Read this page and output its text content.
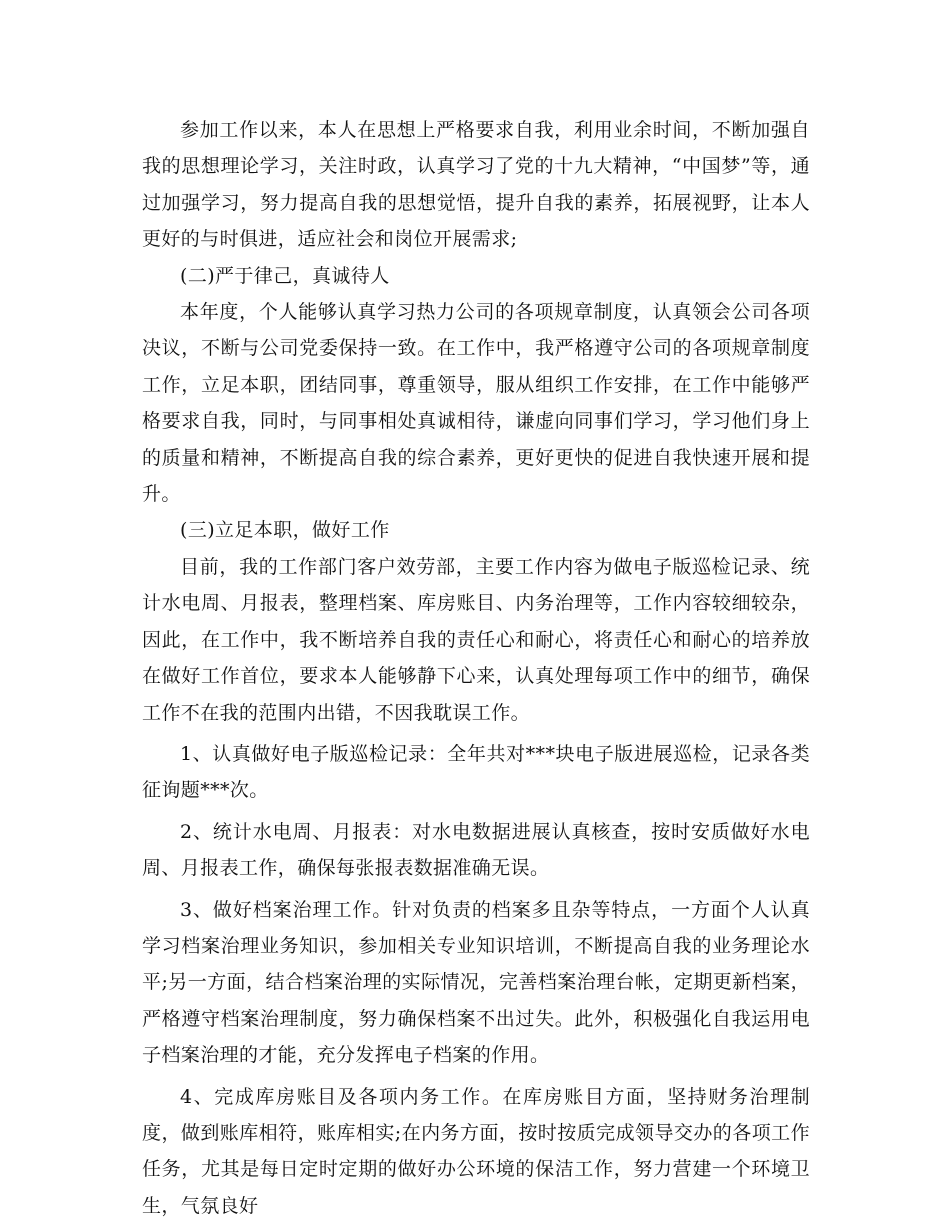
参加工作以来，本人在思想上严格要求自我，利用业余时间，不断加强自我的思想理论学习，关注时政，认真学习了党的十九大精神，“中国梦”等，通过加强学习，努力提高自我的思想觉悟，提升自我的素养，拓展视野，让本人更好的与时俱进，适应社会和岗位开展需求;

(二)严于律己，真诚待人

本年度，个人能够认真学习热力公司的各项规章制度，认真领会公司各项决议，不断与公司党委保持一致。在工作中，我严格遵守公司的各项规章制度工作，立足本职，团结同事，尊重领导，服从组织工作安排，在工作中能够严格要求自我，同时，与同事相处真诚相待，谦虚向同事们学习，学习他们身上的质量和精神，不断提高自我的综合素养，更好更快的促进自我快速开展和提升。

(三)立足本职，做好工作

目前，我的工作部门客户效劳部，主要工作内容为做电子版巡检记录、统计水电周、月报表，整理档案、库房账目、内务治理等，工作内容较细较杂，因此，在工作中，我不断培养自我的责任心和耐心，将责任心和耐心的培养放在做好工作首位，要求本人能够静下心来，认真处理每项工作中的细节，确保工作不在我的范围内出错，不因我耽误工作。

1、认真做好电子版巡检记录：全年共对***块电子版进展巡检，记录各类征询题***次。

2、统计水电周、月报表：对水电数据进展认真核查，按时安质做好水电周、月报表工作，确保每张报表数据准确无误。

3、做好档案治理工作。针对负责的档案多且杂等特点，一方面个人认真学习档案治理业务知识，参加相关专业知识培训，不断提高自我的业务理论水平;另一方面，结合档案治理的实际情况，完善档案治理台帐，定期更新档案，严格遵守档案治理制度，努力确保档案不出过失。此外，积极强化自我运用电子档案治理的才能，充分发挥电子档案的作用。

4、完成库房账目及各项内务工作。在库房账目方面，坚持财务治理制度，做到账库相符，账库相实;在内务方面，按时按质完成领导交办的各项工作任务，尤其是每日定时定期的做好办公环境的保洁工作，努力营建一个环境卫生，气氛良好
